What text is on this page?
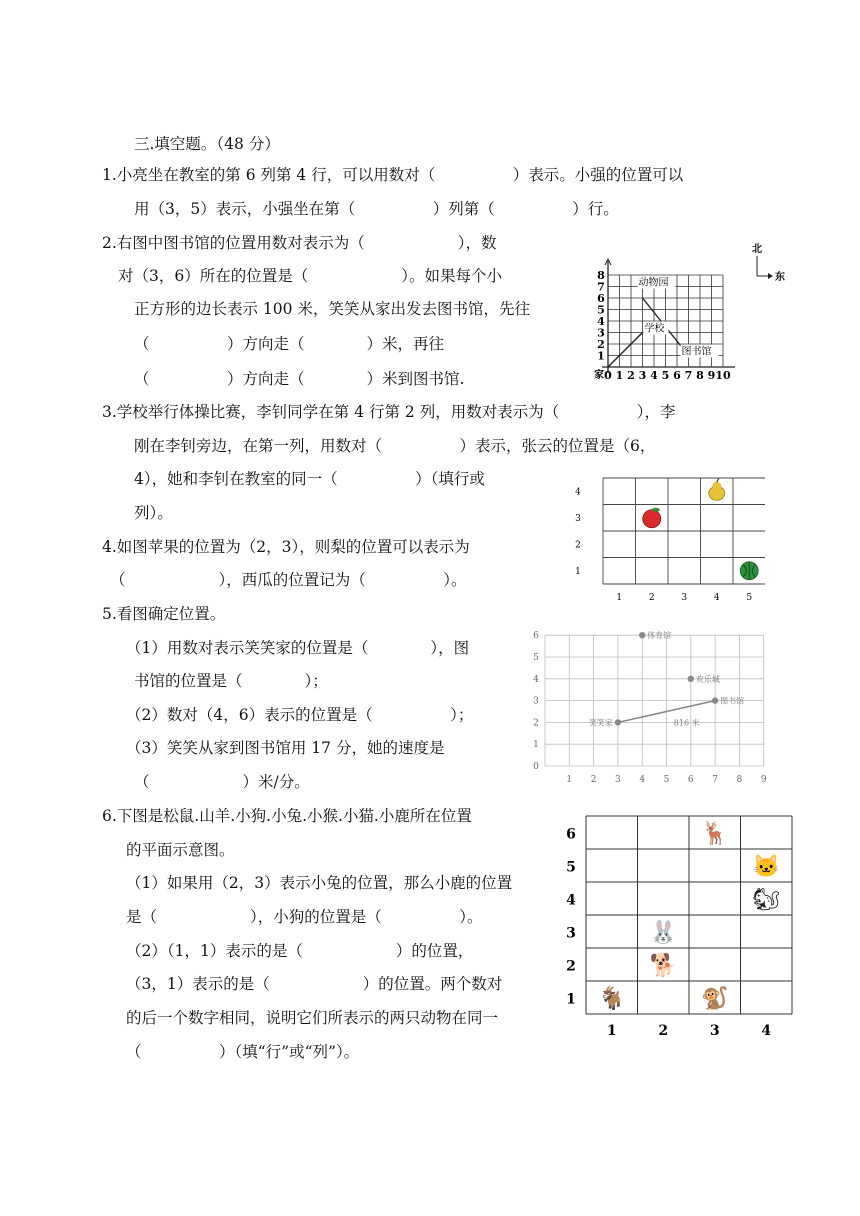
三.填空题。（48 分）
1.小亮坐在教室的第 6 列第 4 行，可以用数对（　　　　　）表示。小强的位置可以
用（3，5）表示，小强坐在第（　　　　　）列第（　　　　　）行。
2.右图中图书馆的位置用数对表示为（　　　　　　），数
对（3，6）所在的位置是（　　　　　　）。如果每个小
正方形的边长表示 100 米，笑笑从家出发去图书馆，先往
（　　　　　）方向走（　　　　）米，再往
（　　　　　）方向走（　　　　）米到图书馆.	0 1 2 3 4 5 6 7 8 9 10
1
2
3
4
5
6
7
8
家
动物园
学校
图书馆
北
东
3.学校举行体操比赛，李钊同学在第 4 行第 2 列，用数对表示为（　　　　　），李
刚在李钊旁边，在第一列，用数对（　　　　　）表示，张云的位置是（6，
4），她和李钊在教室的同一（　　　　　）（填行或
列）。
1	2	3	4	5
1
2
3
4
4.如图苹果的位置为（2，3），则梨的位置可以表示为
（　　　　　　），西瓜的位置记为（　　　　　）。
5.看图确定位置。
（1）用数对表示笑笑家的位置是（　　　　），图
书馆的位置是（　　　　）；
（2）数对（4，6）表示的位置是（　　　　　）；
（3）笑笑从家到图书馆用 17 分，她的速度是
（　　　　　　）米/分。	1 2 3 4 5 6 7 8 9
0
1
2
3
4
5
6
816 米
体育馆
欢乐城
图书馆
笑笑家
6.下图是松鼠.山羊.小狗.小兔.小猴.小猫.小鹿所在位置
的平面示意图。
（1）如果用（2，3）表示小兔的位置，那么小鹿的位置
是（　　　　　　），小狗的位置是（　　　　　）。
（2）（1，1）表示的是（　　　　　　）的位置，
（3，1）表示的是（　　　　　　）的位置。两个数对
的后一个数字相同，说明它们所表示的两只动物在同一
（　　　　　）（填“行”或“列”）。
1	2	3	4
1
2
3
4
5
6	🦌
🐱
🐿
🐰
🐕
🐐	🐒
